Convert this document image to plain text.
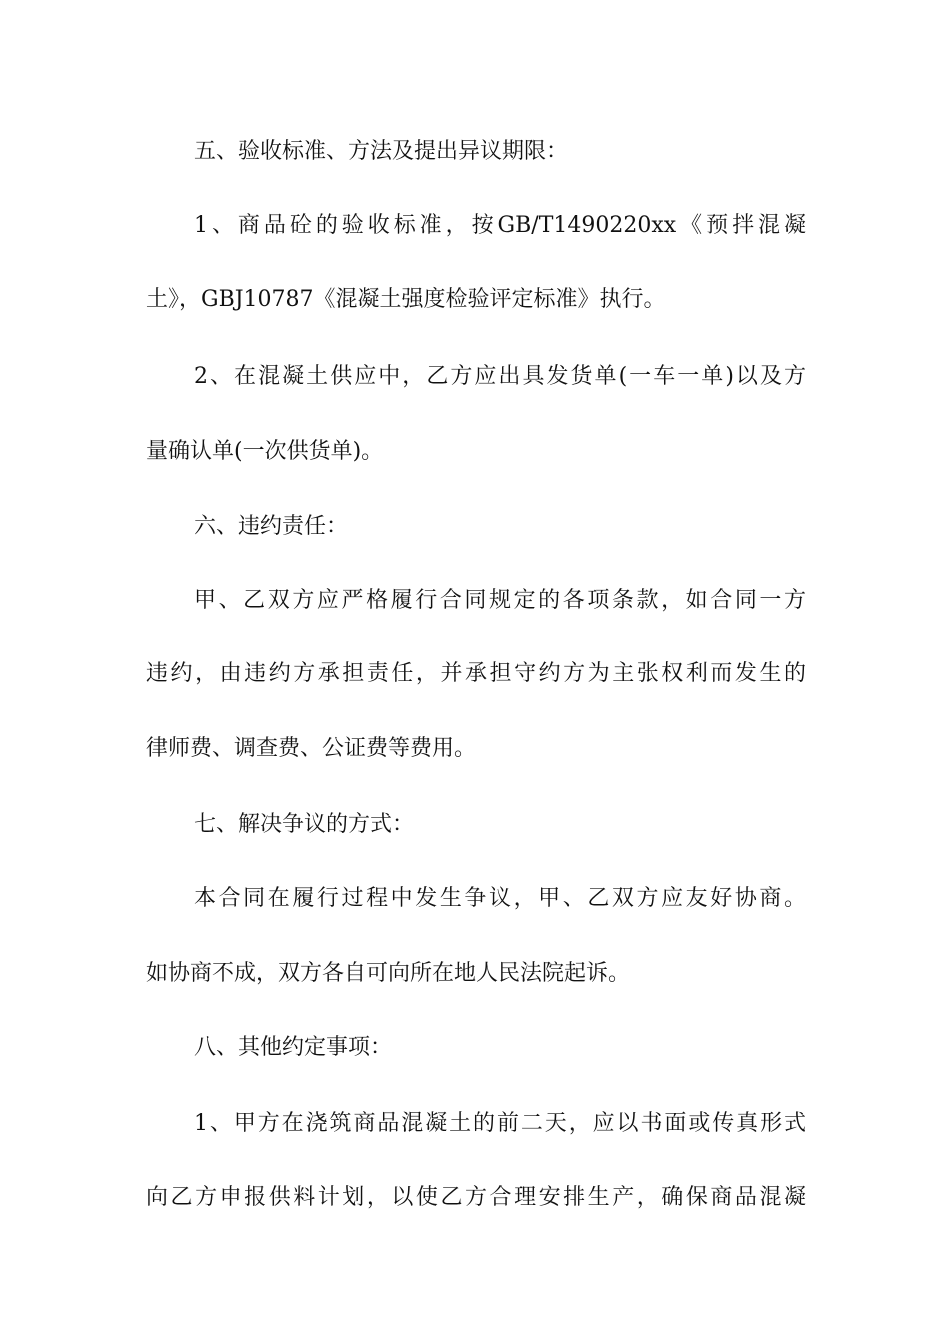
五、验收标准、方法及提出异议期限：
1、商品砼的验收标准，按GB/T1490220xx《预拌混凝
土》，GBJ10787《混凝土强度检验评定标准》执行。
2、在混凝土供应中，乙方应出具发货单(一车一单)以及方
量确认单(一次供货单)。
六、违约责任：
甲、乙双方应严格履行合同规定的各项条款，如合同一方
违约，由违约方承担责任，并承担守约方为主张权利而发生的
律师费、调查费、公证费等费用。
七、解决争议的方式：
本合同在履行过程中发生争议，甲、乙双方应友好协商。
如协商不成，双方各自可向所在地人民法院起诉。
八、其他约定事项：
1、甲方在浇筑商品混凝土的前二天，应以书面或传真形式
向乙方申报供料计划，以使乙方合理安排生产，确保商品混凝
